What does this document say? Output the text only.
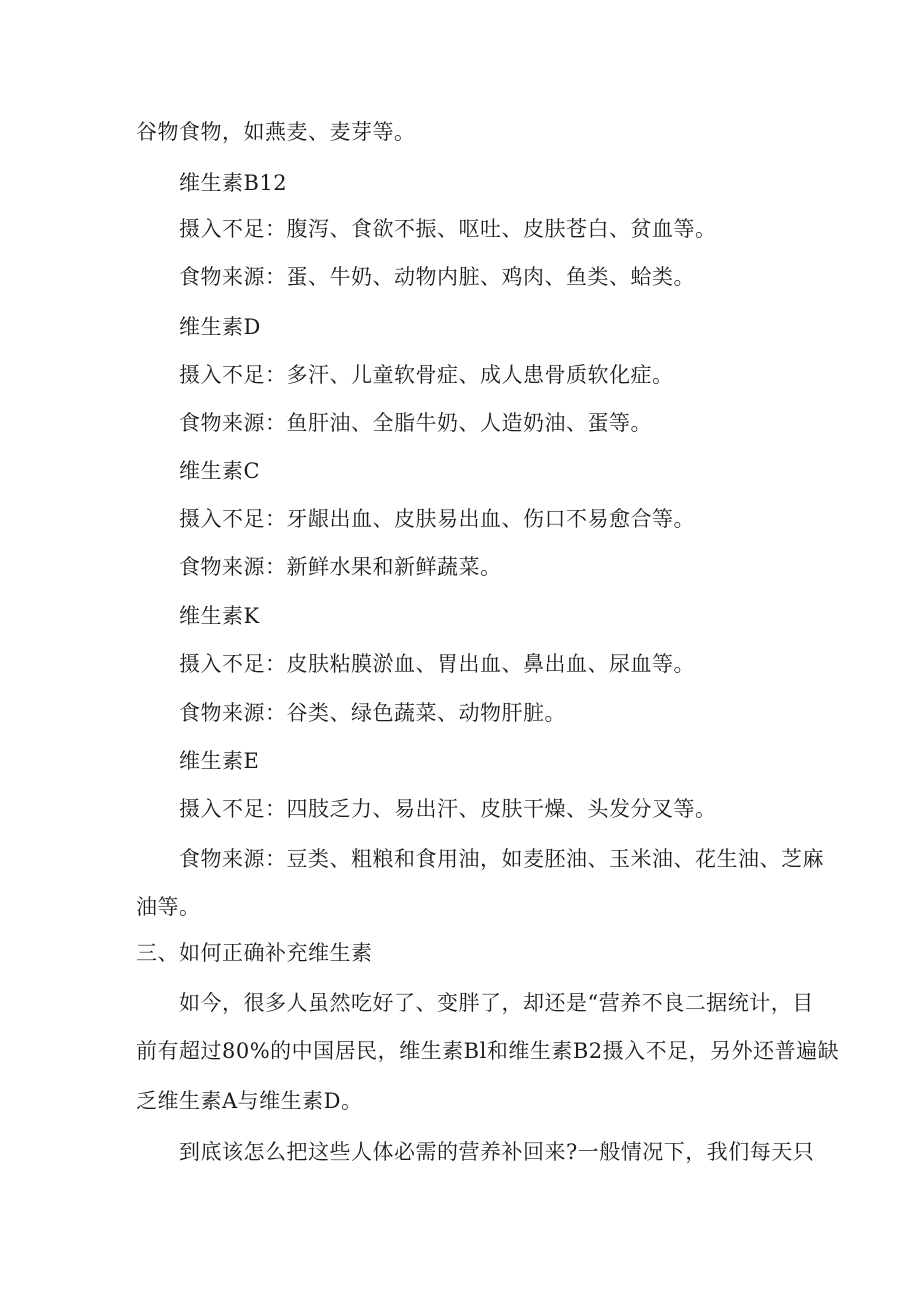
谷物食物，如燕麦、麦芽等。
维生素B12
摄入不足：腹泻、食欲不振、呕吐、皮肤苍白、贫血等。
食物来源：蛋、牛奶、动物内脏、鸡肉、鱼类、蛤类。
维生素D
摄入不足：多汗、儿童软骨症、成人患骨质软化症。
食物来源：鱼肝油、全脂牛奶、人造奶油、蛋等。
维生素C
摄入不足：牙龈出血、皮肤易出血、伤口不易愈合等。
食物来源：新鲜水果和新鲜蔬菜。
维生素K
摄入不足：皮肤粘膜淤血、胃出血、鼻出血、尿血等。
食物来源：谷类、绿色蔬菜、动物肝脏。
维生素E
摄入不足：四肢乏力、易出汗、皮肤干燥、头发分叉等。
食物来源：豆类、粗粮和食用油，如麦胚油、玉米油、花生油、芝麻
油等。
三、如何正确补充维生素
如今，很多人虽然吃好了、变胖了，却还是“营养不良二据统计，目
前有超过80%的中国居民，维生素Bl和维生素B2摄入不足，另外还普遍缺
乏维生素A与维生素D。
到底该怎么把这些人体必需的营养补回来?一般情况下，我们每天只
